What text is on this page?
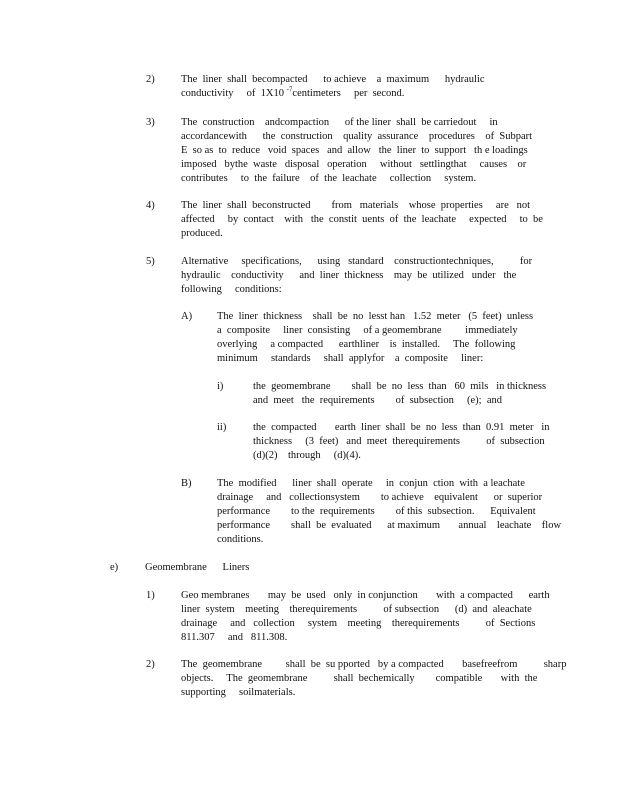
2)	The  liner  shall  becompacted      to achieve    a  maximum      hydraulic
conductivity     of  1X10 $^{-7}$centimeters     per  second.
3)	The  construction    andcompaction      of the liner  shall  be carriedout     in
accordancewith      the  construction    quality  assurance    procedures    of  Subpart
E  so as  to  reduce   void  spaces   and  allow   the  liner  to  support   th e loadings
imposed   bythe  waste   disposal   operation     without   settlingthat     causes    or
contributes     to  the  failure    of  the  leachate     collection     system.
4)	The  liner  shall  beconstructed        from   materials    whose  properties     are   not
affected     by  contact    with   the  constit  uents  of  the  leachate     expected     to  be
produced.
5)	Alternative     specifications,      using   standard    constructiontechniques,          for
hydraulic    conductivity      and  liner  thickness    may  be  utilized   under   the
following     conditions:
A) The  liner  thickness    shall  be  no  lesst han   1.52  meter   (5  feet)  unless
a  composite     liner  consisting     of a geomembrane         immediately
overlying     a compacted      earthliner    is  installed.     The  following
minimum     standards     shall  applyfor    a  composite     liner:
i)	the  geomembrane        shall  be  no  less  than   60  mils   in thickness
and  meet   the  requirements        of  subsection     (e);  and
ii)	the  compacted       earth  liner  shall  be  no  less  than  0.91  meter   in
thickness     (3  feet)   and  meet  therequirements          of  subsection
(d)(2)    through     (d)(4).
B) The  modified      liner  shall  operate     in  conjun  ction  with  a leachate
drainage     and   collectionsystem        to achieve    equivalent      or  superior
performance        to the  requirements        of this  subsection.      Equivalent
performance        shall  be  evaluated      at maximum       annual    leachate    flow
conditions.
e)	Geomembrane      Liners
1)	Geo membranes       may  be  used   only  in conjunction       with  a compacted      earth
liner  system    meeting    therequirements          of subsection      (d)  and  aleachate
drainage     and   collection     system    meeting    therequirements          of  Sections
811.307     and   811.308.
2)	The  geomembrane         shall  be  su pported   by a compacted       basefreefrom          sharp
objects.     The  geomembrane          shall  bechemically        compatible       with  the
supporting     soilmaterials.
